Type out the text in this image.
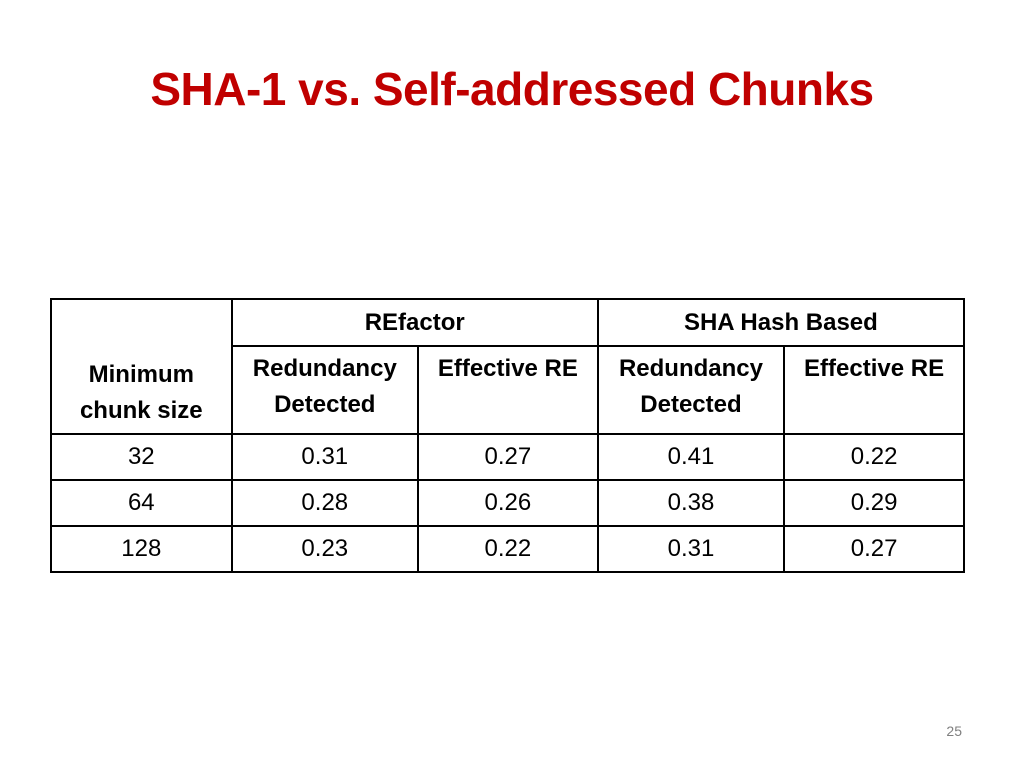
SHA-1 vs. Self-addressed Chunks
Minimum chunk size	REfactor		SHA Hash Based	
	Redundancy Detected	Effective RE	Redundancy Detected	Effective RE
32	0.31	0.27	0.41	0.22
64	0.28	0.26	0.38	0.29
128	0.23	0.22	0.31	0.27
25
